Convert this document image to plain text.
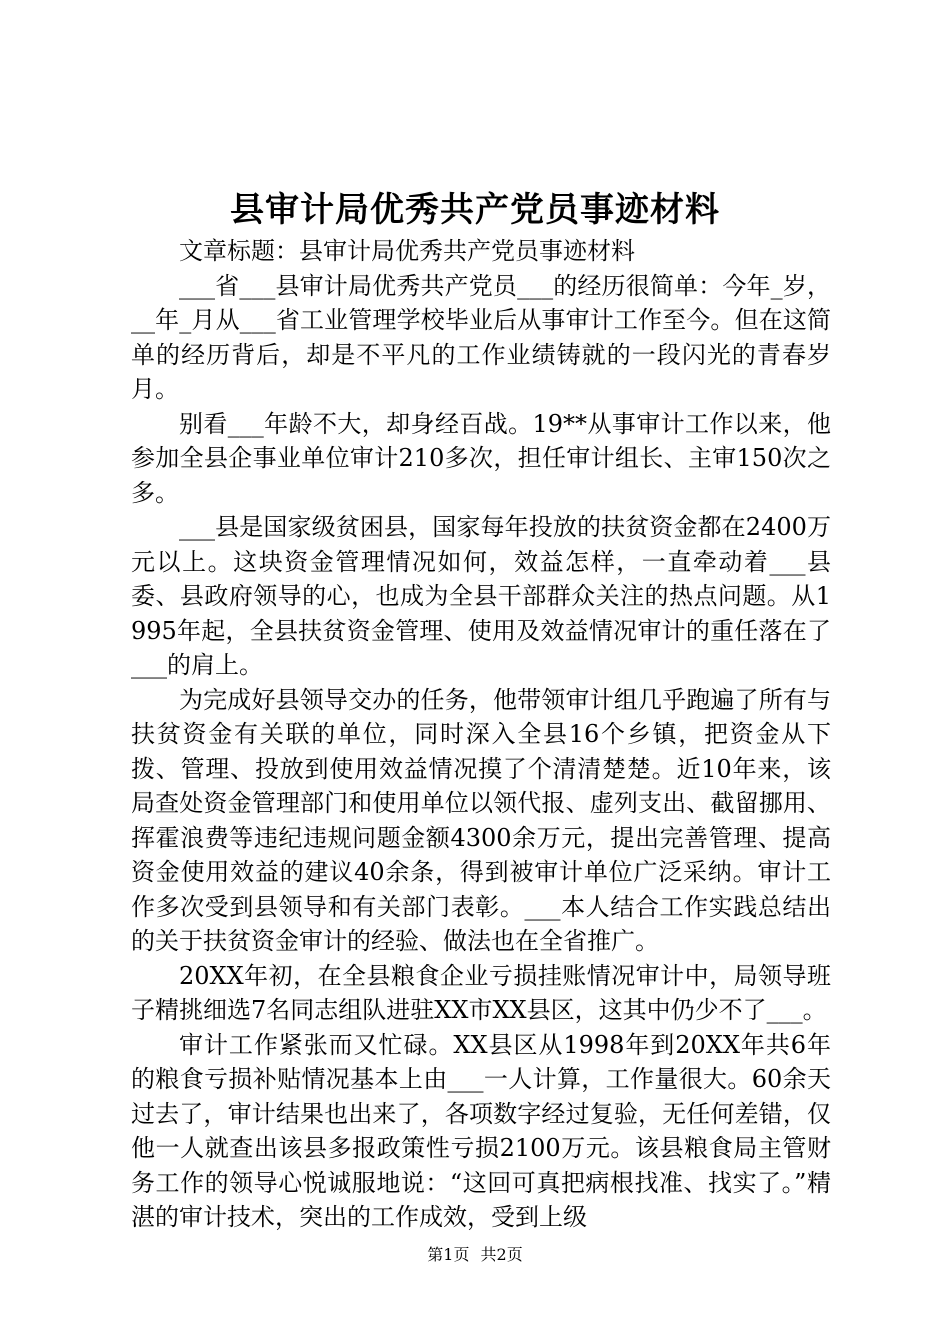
县审计局优秀共产党员事迹材料

文章标题：县审计局优秀共产党员事迹材料

___省___县审计局优秀共产党员___的经历很简单：今年_岁，__年_月从___省工业管理学校毕业后从事审计工作至今。但在这简单的经历背后，却是不平凡的工作业绩铸就的一段闪光的青春岁月。

别看___年龄不大，却身经百战。19**从事审计工作以来，他参加全县企事业单位审计210多次，担任审计组长、主审150次之多。

___县是国家级贫困县，国家每年投放的扶贫资金都在2400万元以上。这块资金管理情况如何，效益怎样，一直牵动着___县委、县政府领导的心，也成为全县干部群众关注的热点问题。从1995年起，全县扶贫资金管理、使用及效益情况审计的重任落在了___的肩上。

为完成好县领导交办的任务，他带领审计组几乎跑遍了所有与扶贫资金有关联的单位，同时深入全县16个乡镇，把资金从下拨、管理、投放到使用效益情况摸了个清清楚楚。近10年来，该局查处资金管理部门和使用单位以领代报、虚列支出、截留挪用、挥霍浪费等违纪违规问题金额4300余万元，提出完善管理、提高资金使用效益的建议40余条，得到被审计单位广泛采纳。审计工作多次受到县领导和有关部门表彰。___本人结合工作实践总结出的关于扶贫资金审计的经验、做法也在全省推广。

20XX年初，在全县粮食企业亏损挂账情况审计中，局领导班子精挑细选7名同志组队进驻XX市XX县区，这其中仍少不了___。

审计工作紧张而又忙碌。XX县区从1998年到20XX年共6年的粮食亏损补贴情况基本上由___一人计算，工作量很大。60余天过去了，审计结果也出来了，各项数字经过复验，无任何差错，仅他一人就查出该县多报政策性亏损2100万元。该县粮食局主管财务工作的领导心悦诚服地说：“这回可真把病根找准、找实了。”精湛的审计技术，突出的工作成效，受到上级

第1页 共2页
